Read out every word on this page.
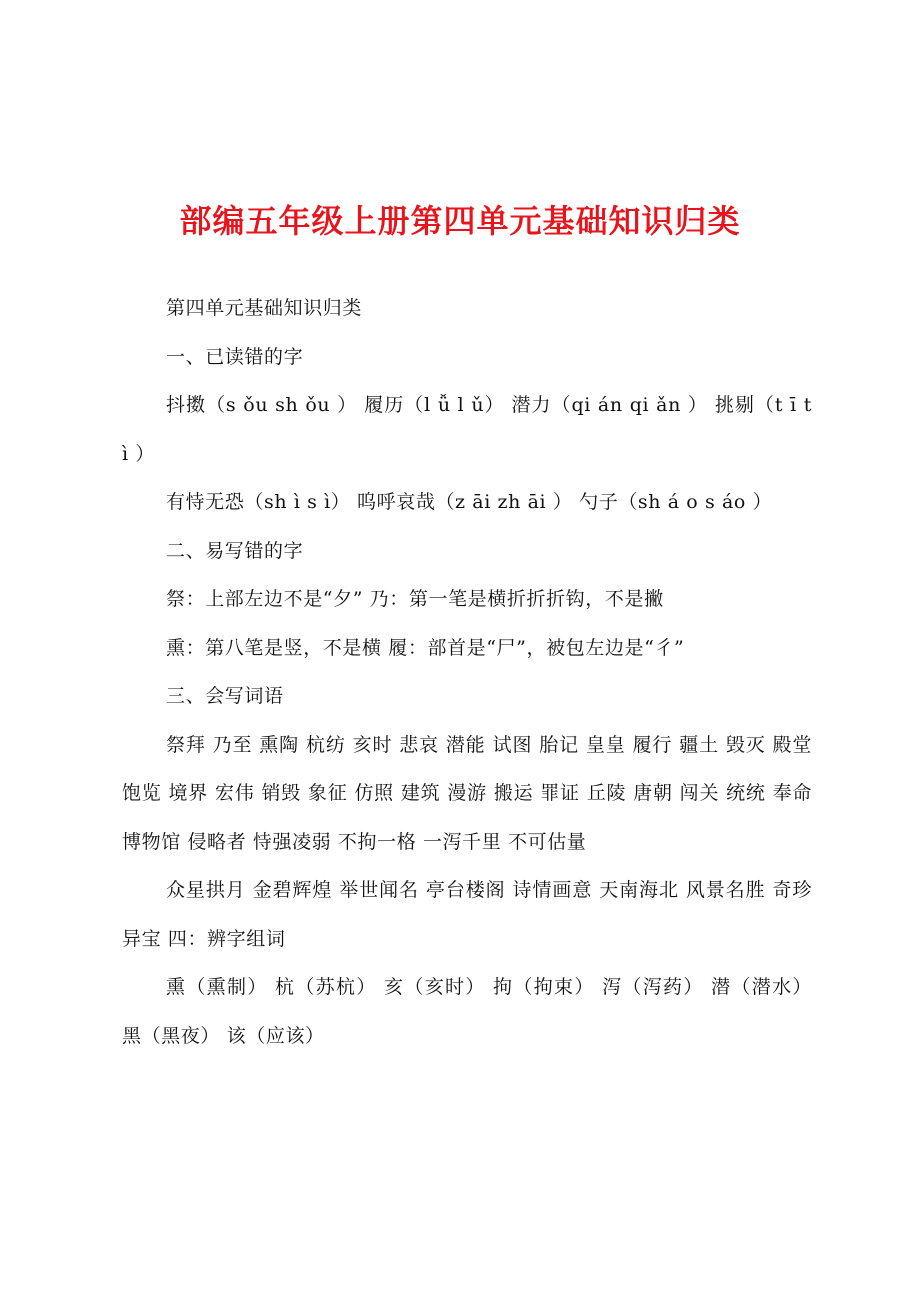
部编五年级上册第四单元基础知识归类

第四单元基础知识归类

一、已读错的字

抖擞（s ǒu sh ǒu ） 履历（l ǚ l ǔ） 潜力（qi án qi ǎn ） 挑剔（t ī t ì ）

有恃无恐（sh ì s ì） 呜呼哀哉（z āi zh āi ） 勺子（sh á o s áo ）

二、易写错的字

祭：上部左边不是“夕” 乃：第一笔是横折折折钩，不是撇

熏：第八笔是竖，不是横 履：部首是“尸”，被包左边是“彳”

三、会写词语

祭拜 乃至 熏陶 杭纺 亥时 悲哀 潜能 试图 胎记 皇皇 履行 疆土 毁灭 殿堂 饱览 境界 宏伟 销毁 象征 仿照 建筑 漫游 搬运 罪证 丘陵 唐朝 闯关 统统 奉命 博物馆 侵略者 恃强凌弱 不拘一格 一泻千里 不可估量

众星拱月 金碧辉煌 举世闻名 亭台楼阁 诗情画意 天南海北 风景名胜 奇珍异宝 四：辨字组词

熏（熏制） 杭（苏杭） 亥（亥时） 拘（拘束） 泻（泻药） 潜（潜水） 黑（黑夜） 该（应该）
